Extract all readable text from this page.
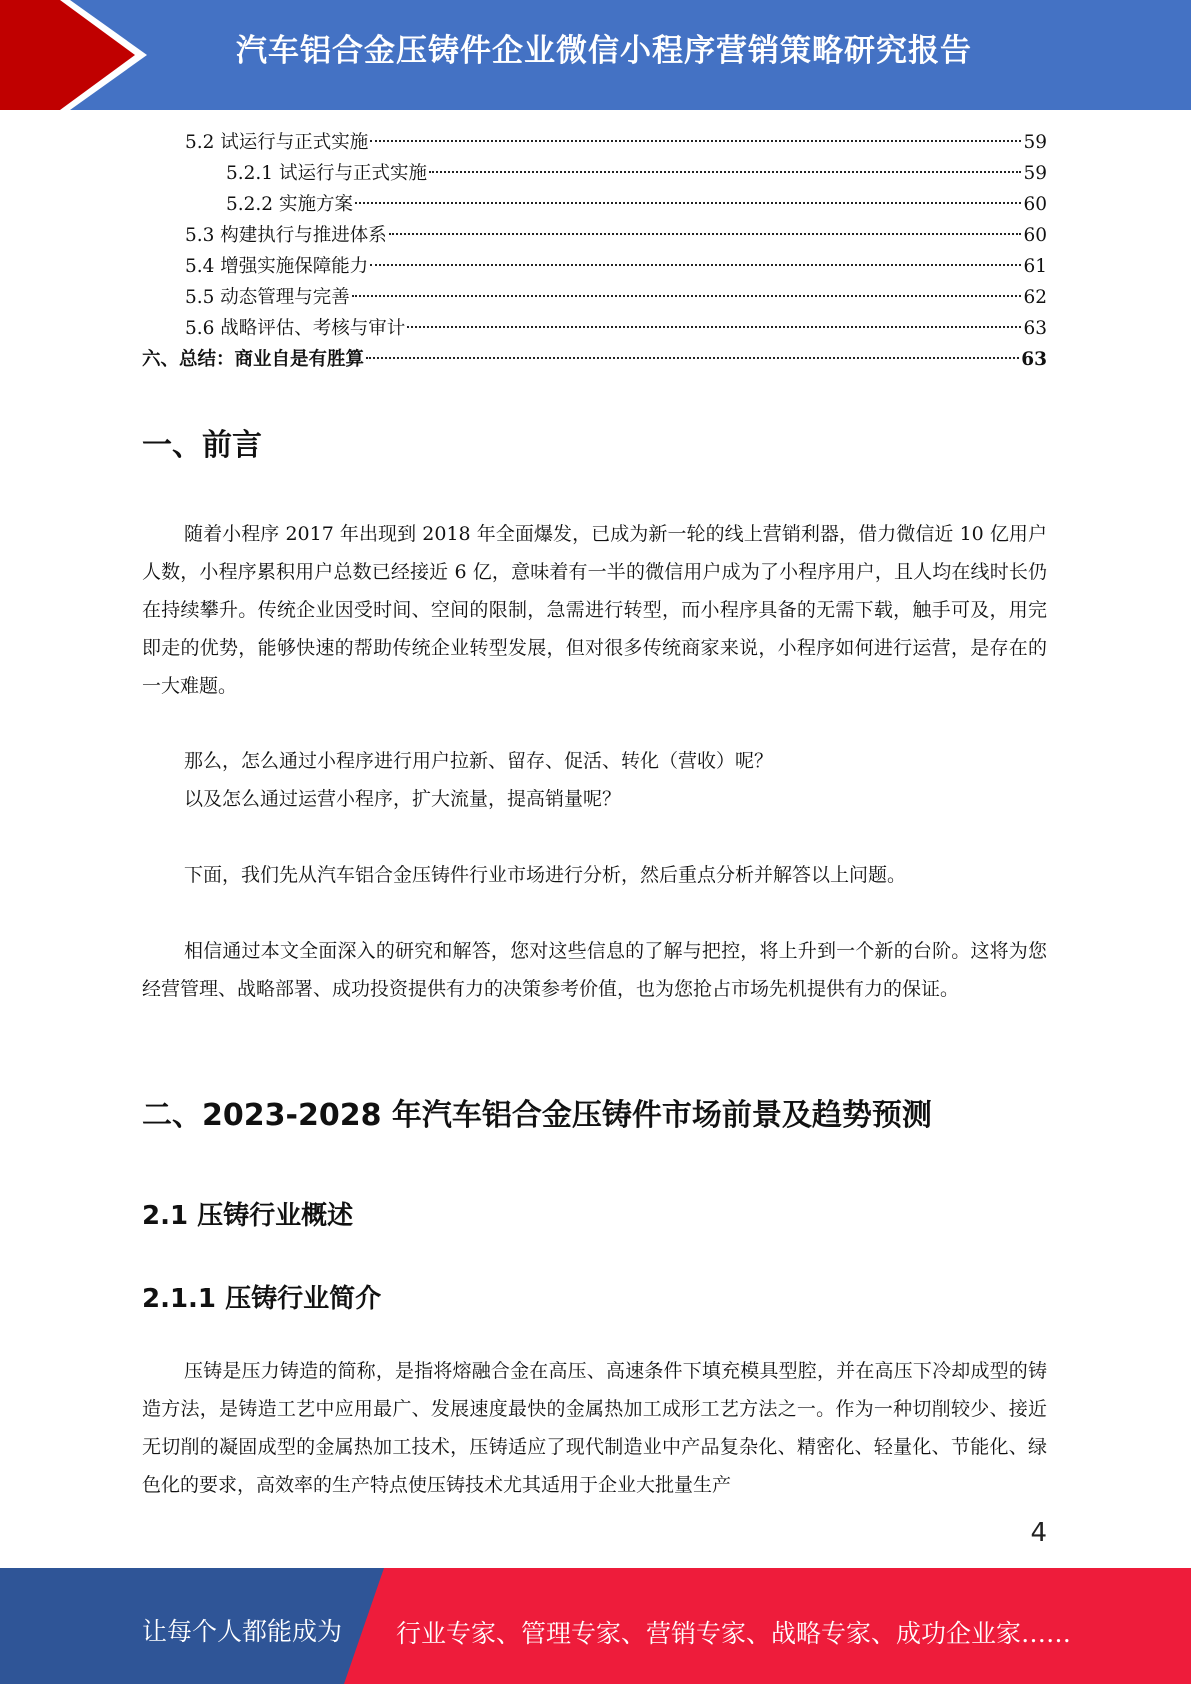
汽车铝合金压铸件企业微信小程序营销策略研究报告
5.2 试运行与正式实施	59
5.2.1 试运行与正式实施	59
5.2.2 实施方案	60
5.3 构建执行与推进体系	60
5.4 增强实施保障能力	61
5.5 动态管理与完善	62
5.6 战略评估、考核与审计	63
六、总结：商业自是有胜算	63
一、前言
随着小程序 2017 年出现到 2018 年全面爆发，已成为新一轮的线上营销利器，借力微信近 10 亿用户人数，小程序累积用户总数已经接近 6 亿，意味着有一半的微信用户成为了小程序用户，且人均在线时长仍在持续攀升。传统企业因受时间、空间的限制，急需进行转型，而小程序具备的无需下载，触手可及，用完即走的优势，能够快速的帮助传统企业转型发展，但对很多传统商家来说，小程序如何进行运营，是存在的一大难题。
那么，怎么通过小程序进行用户拉新、留存、促活、转化（营收）呢？
以及怎么通过运营小程序，扩大流量，提高销量呢？
下面，我们先从汽车铝合金压铸件行业市场进行分析，然后重点分析并解答以上问题。
相信通过本文全面深入的研究和解答，您对这些信息的了解与把控，将上升到一个新的台阶。这将为您经营管理、战略部署、成功投资提供有力的决策参考价值，也为您抢占市场先机提供有力的保证。
二、2023-2028 年汽车铝合金压铸件市场前景及趋势预测
2.1 压铸行业概述
2.1.1 压铸行业简介
压铸是压力铸造的简称，是指将熔融合金在高压、高速条件下填充模具型腔，并在高压下冷却成型的铸造方法，是铸造工艺中应用最广、发展速度最快的金属热加工成形工艺方法之一。作为一种切削较少、接近无切削的凝固成型的金属热加工技术，压铸适应了现代制造业中产品复杂化、精密化、轻量化、节能化、绿色化的要求，高效率的生产特点使压铸技术尤其适用于企业大批量生产
4
让每个人都能成为 行业专家、管理专家、营销专家、战略专家、成功企业家……
